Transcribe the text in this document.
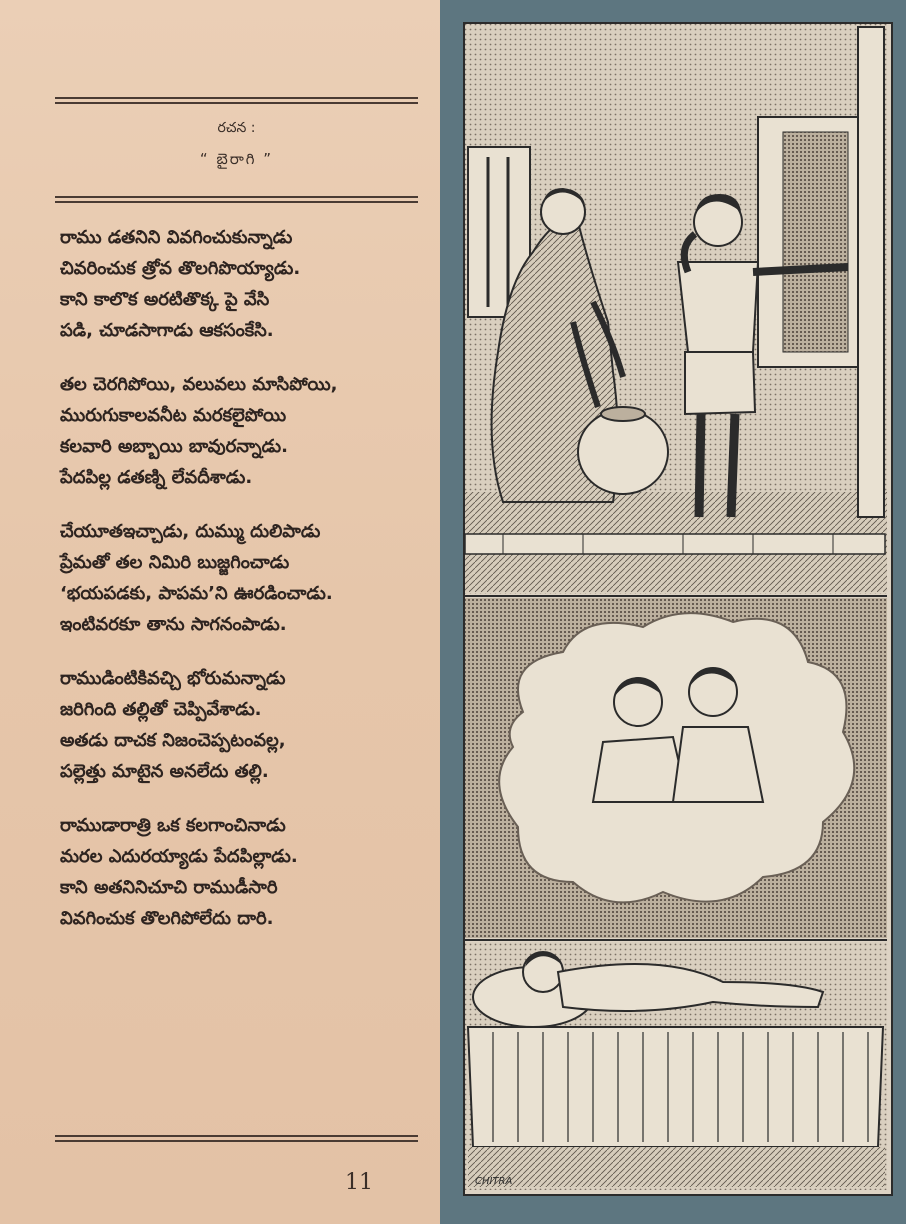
రచన :
“ బైరాగి ”
రాము డతనిని వివగించుకున్నాడు
చివరించుక త్రోవ తొలగిపొయ్యాడు.
కాని కాలొక అరటితొక్క పై వేసి
పడి, చూడసాగాడు ఆకసంకేసి.
తల చెరగిపోయి, వలువలు మాసిపోయి,
మురుగుకాలవనీట మరకలైపోయి
కలవారి అబ్బాయి బావురన్నాడు.
పేదపిల్ల డతణ్ని లేవదీశాడు.
చేయూతఇచ్చాడు, దుమ్ము దులిపాడు
ప్రేమతో తల నిమిరి బుజ్జగించాడు
‘భయపడకు, పాపమ’ని ఊరడించాడు.
ఇంటివరకూ తాను సాగనంపాడు.
రాముడింటికివచ్చి భోరుమన్నాడు
జరిగింది తల్లితో చెప్పివేశాడు.
అతడు దాచక నిజంచెప్పటంవల్ల,
పల్లెత్తు మాటైన అనలేదు తల్లి.
రాముడారాత్రి ఒక కలగాంచినాడు
మరల ఎదురయ్యాడు పేదపిల్లాడు.
కాని అతనినిచూచి రాముడీసారి
వివగించుక తొలగిపోలేదు దారి.
11	CHITRA
